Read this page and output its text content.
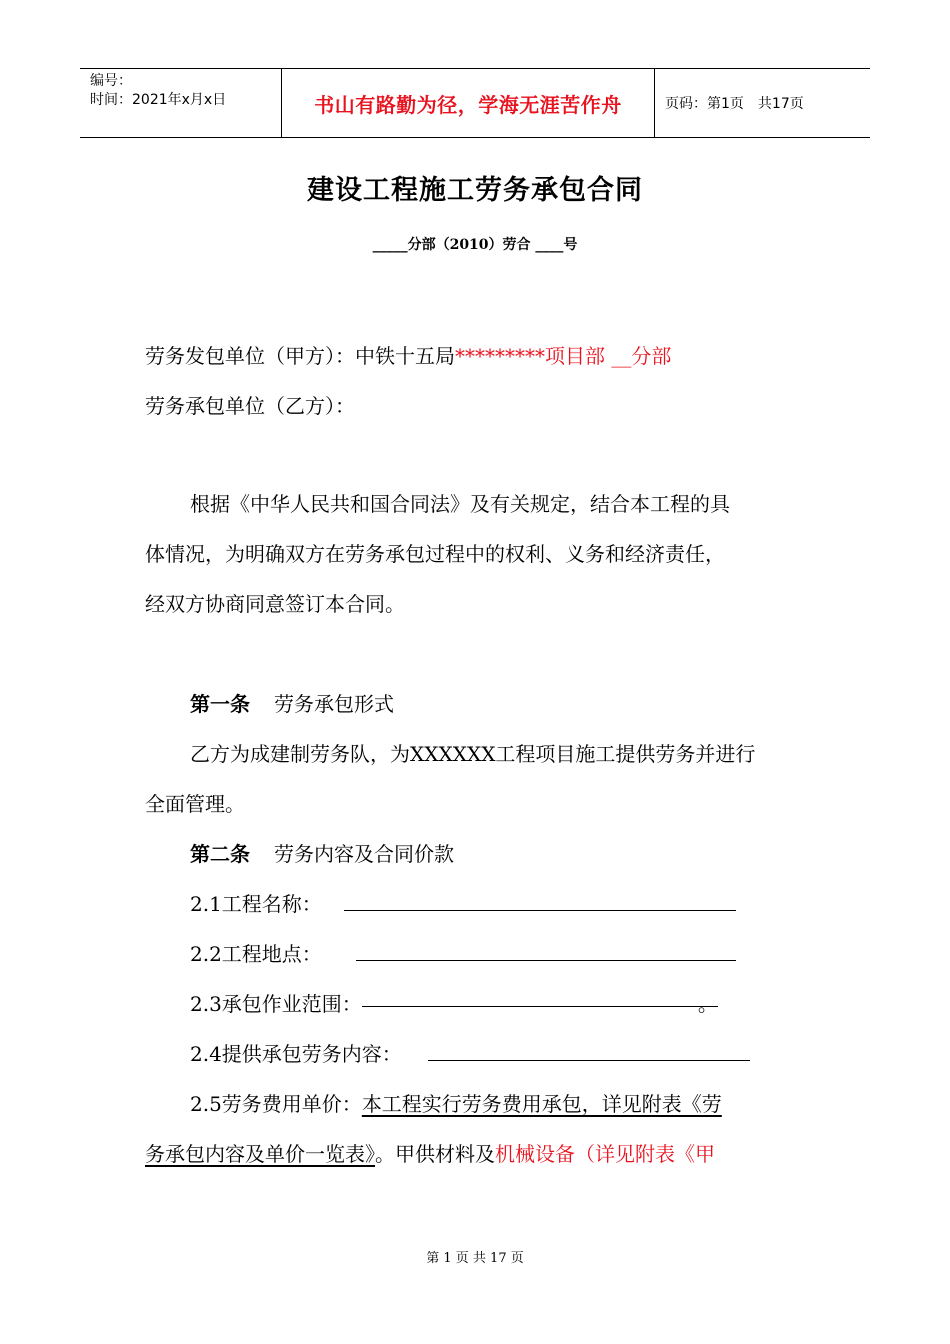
编号：
时间：2021年x月x日	书山有路勤为径，学海无涯苦作舟	页码：第1页　共17页
建设工程施工劳务承包合同
_____分部（2010）劳合 ____号
劳务发包单位（甲方）：中铁十五局*********项目部 __分部
劳务承包单位（乙方）：
根据《中华人民共和国合同法》及有关规定，结合本工程的具
体情况，为明确双方在劳务承包过程中的权利、义务和经济责任，
经双方协商同意签订本合同。
第一条 劳务承包形式
乙方为成建制劳务队，为XXXXXX工程项目施工提供劳务并进行
全面管理。
第二条 劳务内容及合同价款
2.1工程名称：
2.2工程地点：
2.3承包作业范围：	。
2.4提供承包劳务内容：
2.5劳务费用单价：本工程实行劳务费用承包，详见附表《劳
务承包内容及单价一览表》。甲供材料及机械设备（详见附表《甲
第 1 页 共 17 页
